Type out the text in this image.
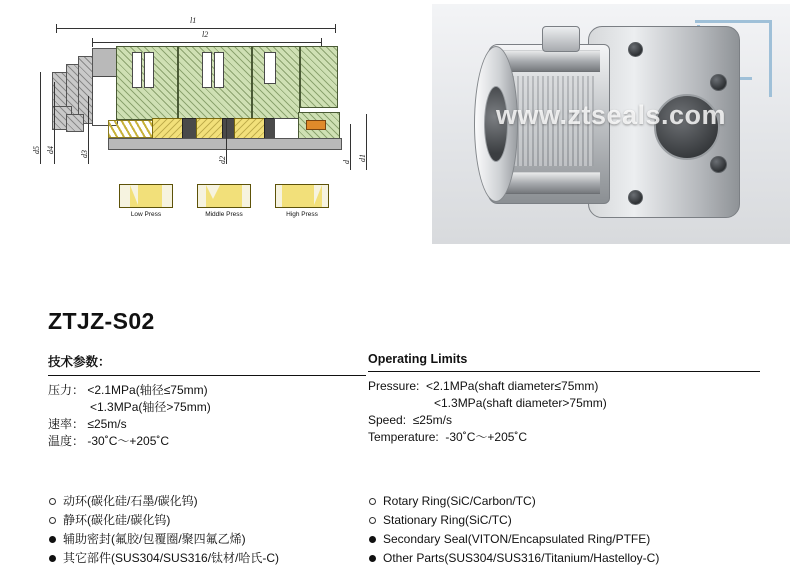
l1
l2
d5 d4	d3
d2	d d1
Low Press	Middle Press	High Press
www.ztseals.com
ZTJZ-S02
技术参数：
压力： <2.1MPa(轴径≤75mm)
<1.3MPa(轴径>75mm)
速率： ≤25m/s
温度： -30˚C～+205˚C
Operating Limits
Pressure: <2.1MPa(shaft diameter≤75mm)
<1.3MPa(shaft diameter>75mm)
Speed: ≤25m/s
Temperature: -30˚C～+205˚C
动环(碳化硅/石墨/碳化钨)
静环(碳化硅/碳化钨)
辅助密封(氟胶/包覆圈/聚四氟乙烯)
其它部件(SUS304/SUS316/钛材/哈氏-C)
Rotary Ring(SiC/Carbon/TC)
Stationary Ring(SiC/TC)
Secondary Seal(VITON/Encapsulated Ring/PTFE)
Other Parts(SUS304/SUS316/Titanium/Hastelloy-C)
